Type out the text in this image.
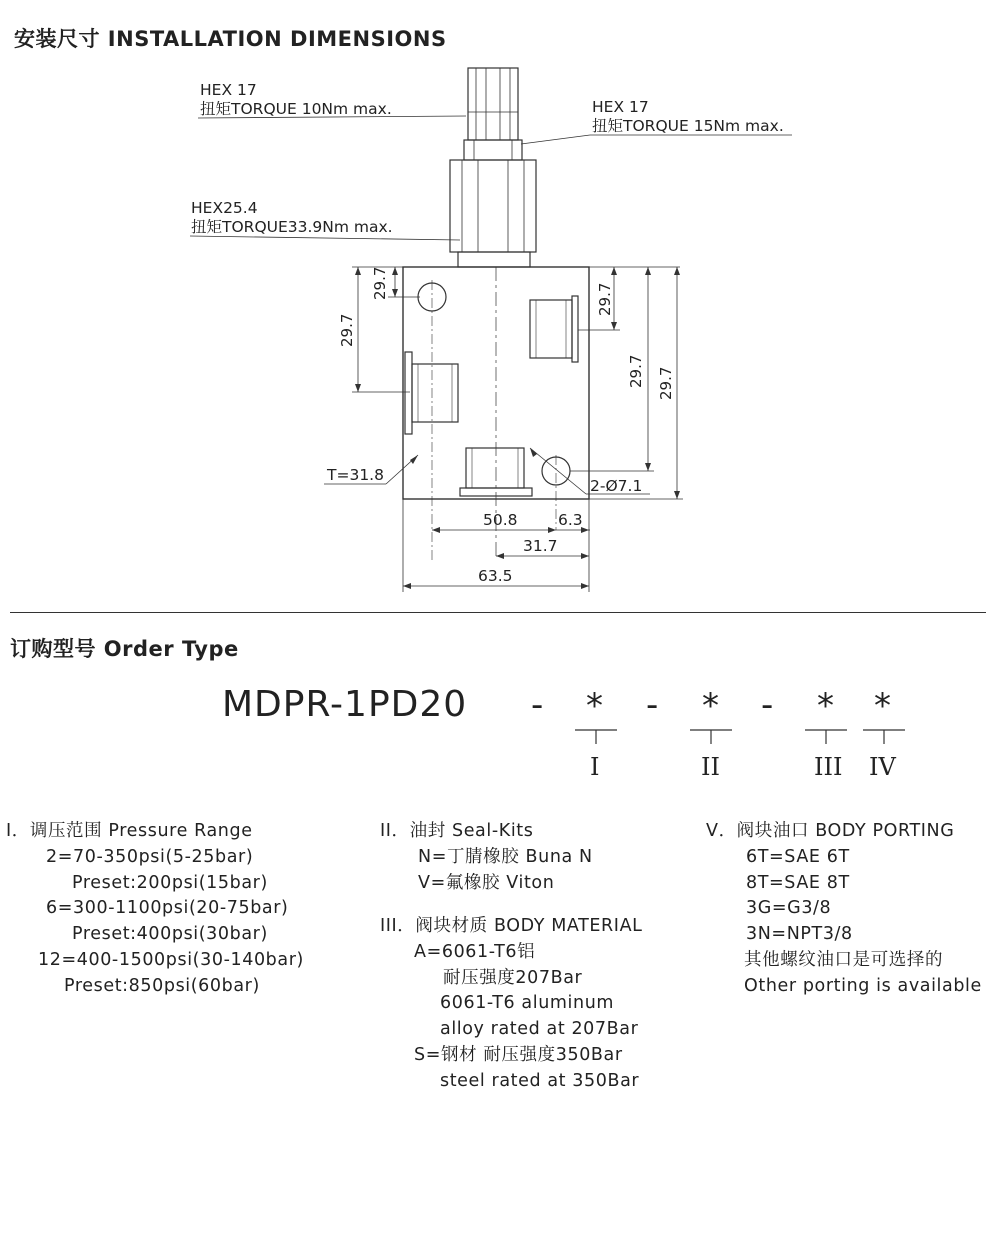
安装尺寸 INSTALLATION DIMENSIONS
HEX 17
扭矩TORQUE 10Nm max.	HEX 17
扭矩TORQUE 15Nm max.
HEX25.4
扭矩TORQUE33.9Nm max.
29.7
29.7
29.7
29.7 29.7
T=31.8
2-Ø7.1
50.8	6.3
31.7
63.5
订购型号 Order Type
MDPR-1PD20 - * - * - * *
I	II	III IV
I．调压范围 Pressure Range
2=70-350psi(5-25bar)
Preset:200psi(15bar)
6=300-1100psi(20-75bar)
Preset:400psi(30bar)
12=400-1500psi(30-140bar)
Preset:850psi(60bar)
II．油封 Seal-Kits
N=丁腈橡胶 Buna N
V=氟橡胶 Viton
III．阀块材质 BODY MATERIAL
A=6061-T6铝
耐压强度207Bar
6061-T6 aluminum
alloy rated at 207Bar
S=钢材 耐压强度350Bar
steel rated at 350Bar
V．阀块油口 BODY PORTING
6T=SAE 6T
8T=SAE 8T
3G=G3/8
3N=NPT3/8
其他螺纹油口是可选择的
Other porting is available
